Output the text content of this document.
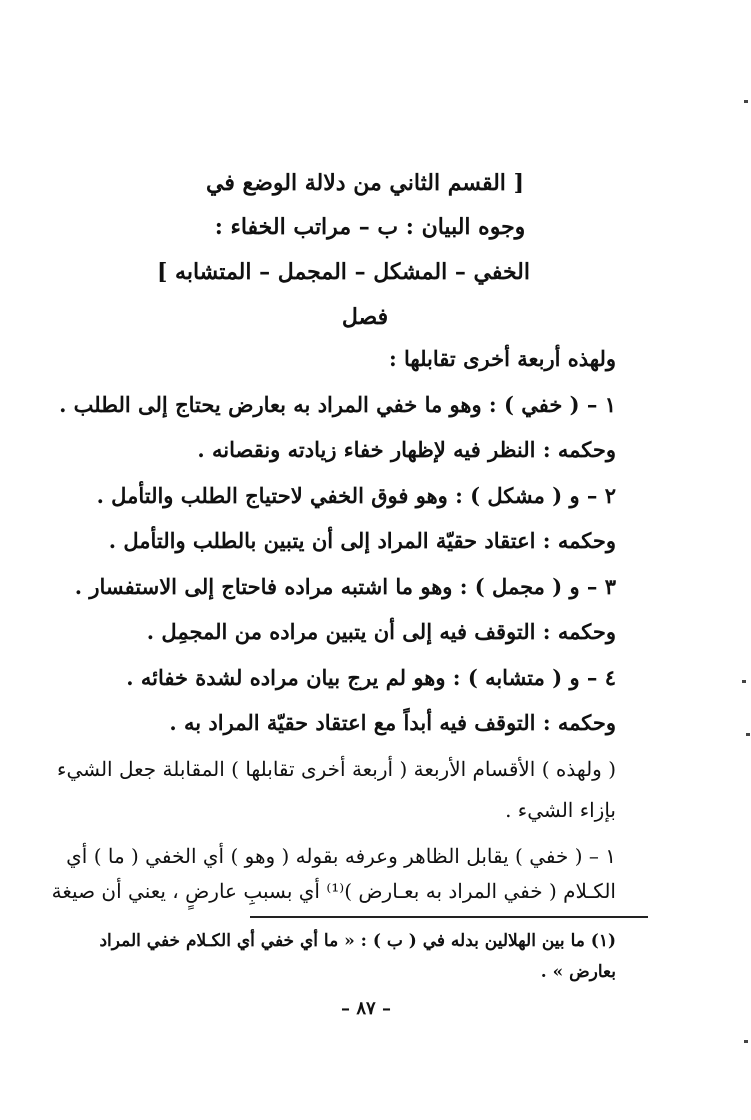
[ القسم الثاني من دلالة الوضع في
وجوه البيان : ب – مراتب الخفاء :
الخفي – المشكل – المجمل – المتشابه ]
فصل
ولهذه أربعة أخرى تقابلها :
١ – ( خفي ) : وهو ما خفي المراد به بعارض يحتاج إلى الطلب .
وحكمه : النظر فيه لإظهار خفاء زيادته ونقصانه .
٢ – و ( مشكل ) : وهو فوق الخفي لاحتياج الطلب والتأمل .
وحكمه : اعتقاد حقيّة المراد إلى أن يتبين بالطلب والتأمل .
٣ – و ( مجمل ) : وهو ما اشتبه مراده فاحتاج إلى الاستفسار .
وحكمه : التوقف فيه إلى أن يتبين مراده من المجمِل .
٤ – و ( متشابه ) : وهو لم يرج بيان مراده لشدة خفائه .
وحكمه : التوقف فيه أبداً مع اعتقاد حقيّة المراد به .
( ولهذه ) الأقسام الأربعة ( أربعة أخرى تقابلها ) المقابلة جعل الشيء
بإزاء الشيء .
١ – ( خفي ) يقابل الظاهر وعرفه بقوله ( وهو ) أي الخفي ( ما ) أي
الكـلام ( خفي المراد به بعـارض )⁽¹⁾ أي بسببِ عارضٍ ، يعني أن صيغة
(١) ما بين الهلالين بدله في ( ب ) : « ما أي خفي أي الكـلام خفي المراد
بعارض » .
– ٨٧ –
